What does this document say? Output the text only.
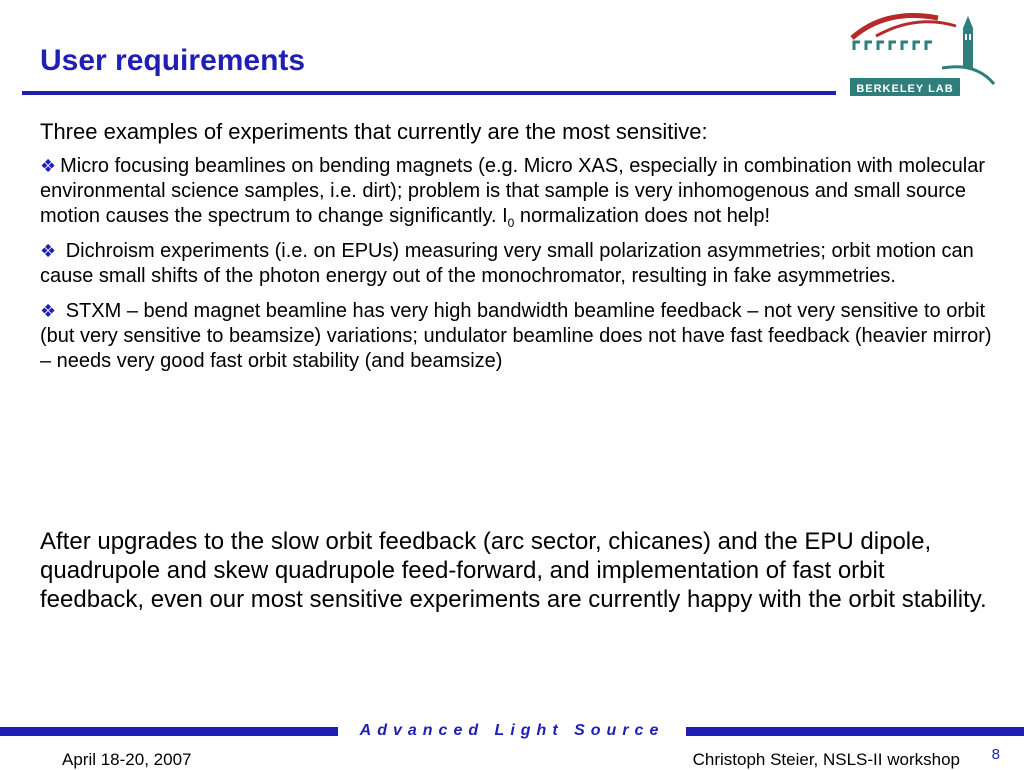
User requirements
BERKELEY LAB

Three examples of experiments that currently are the most sensitive:

❖ Micro focusing beamlines on bending magnets (e.g. Micro XAS, especially in combination with molecular environmental science samples, i.e. dirt); problem is that sample is very inhomogenous and small source motion causes the spectrum to change significantly. $I_0$ normalization does not help!

❖ Dichroism experiments (i.e. on EPUs) measuring very small polarization asymmetries; orbit motion can cause small shifts of the photon energy out of the monochromator, resulting in fake asymmetries.

❖ STXM – bend magnet beamline has very high bandwidth beamline feedback – not very sensitive to orbit (but very sensitive to beamsize) variations; undulator beamline does not have fast feedback (heavier mirror) – needs very good fast orbit stability (and beamsize)

After upgrades to the slow orbit feedback (arc sector, chicanes) and the EPU dipole, quadrupole and skew quadrupole feed-forward, and implementation of fast orbit feedback, even our most sensitive experiments are currently happy with the orbit stability.

Advanced Light Source
April 18-20, 2007	Christoph Steier, NSLS-II workshop 8
